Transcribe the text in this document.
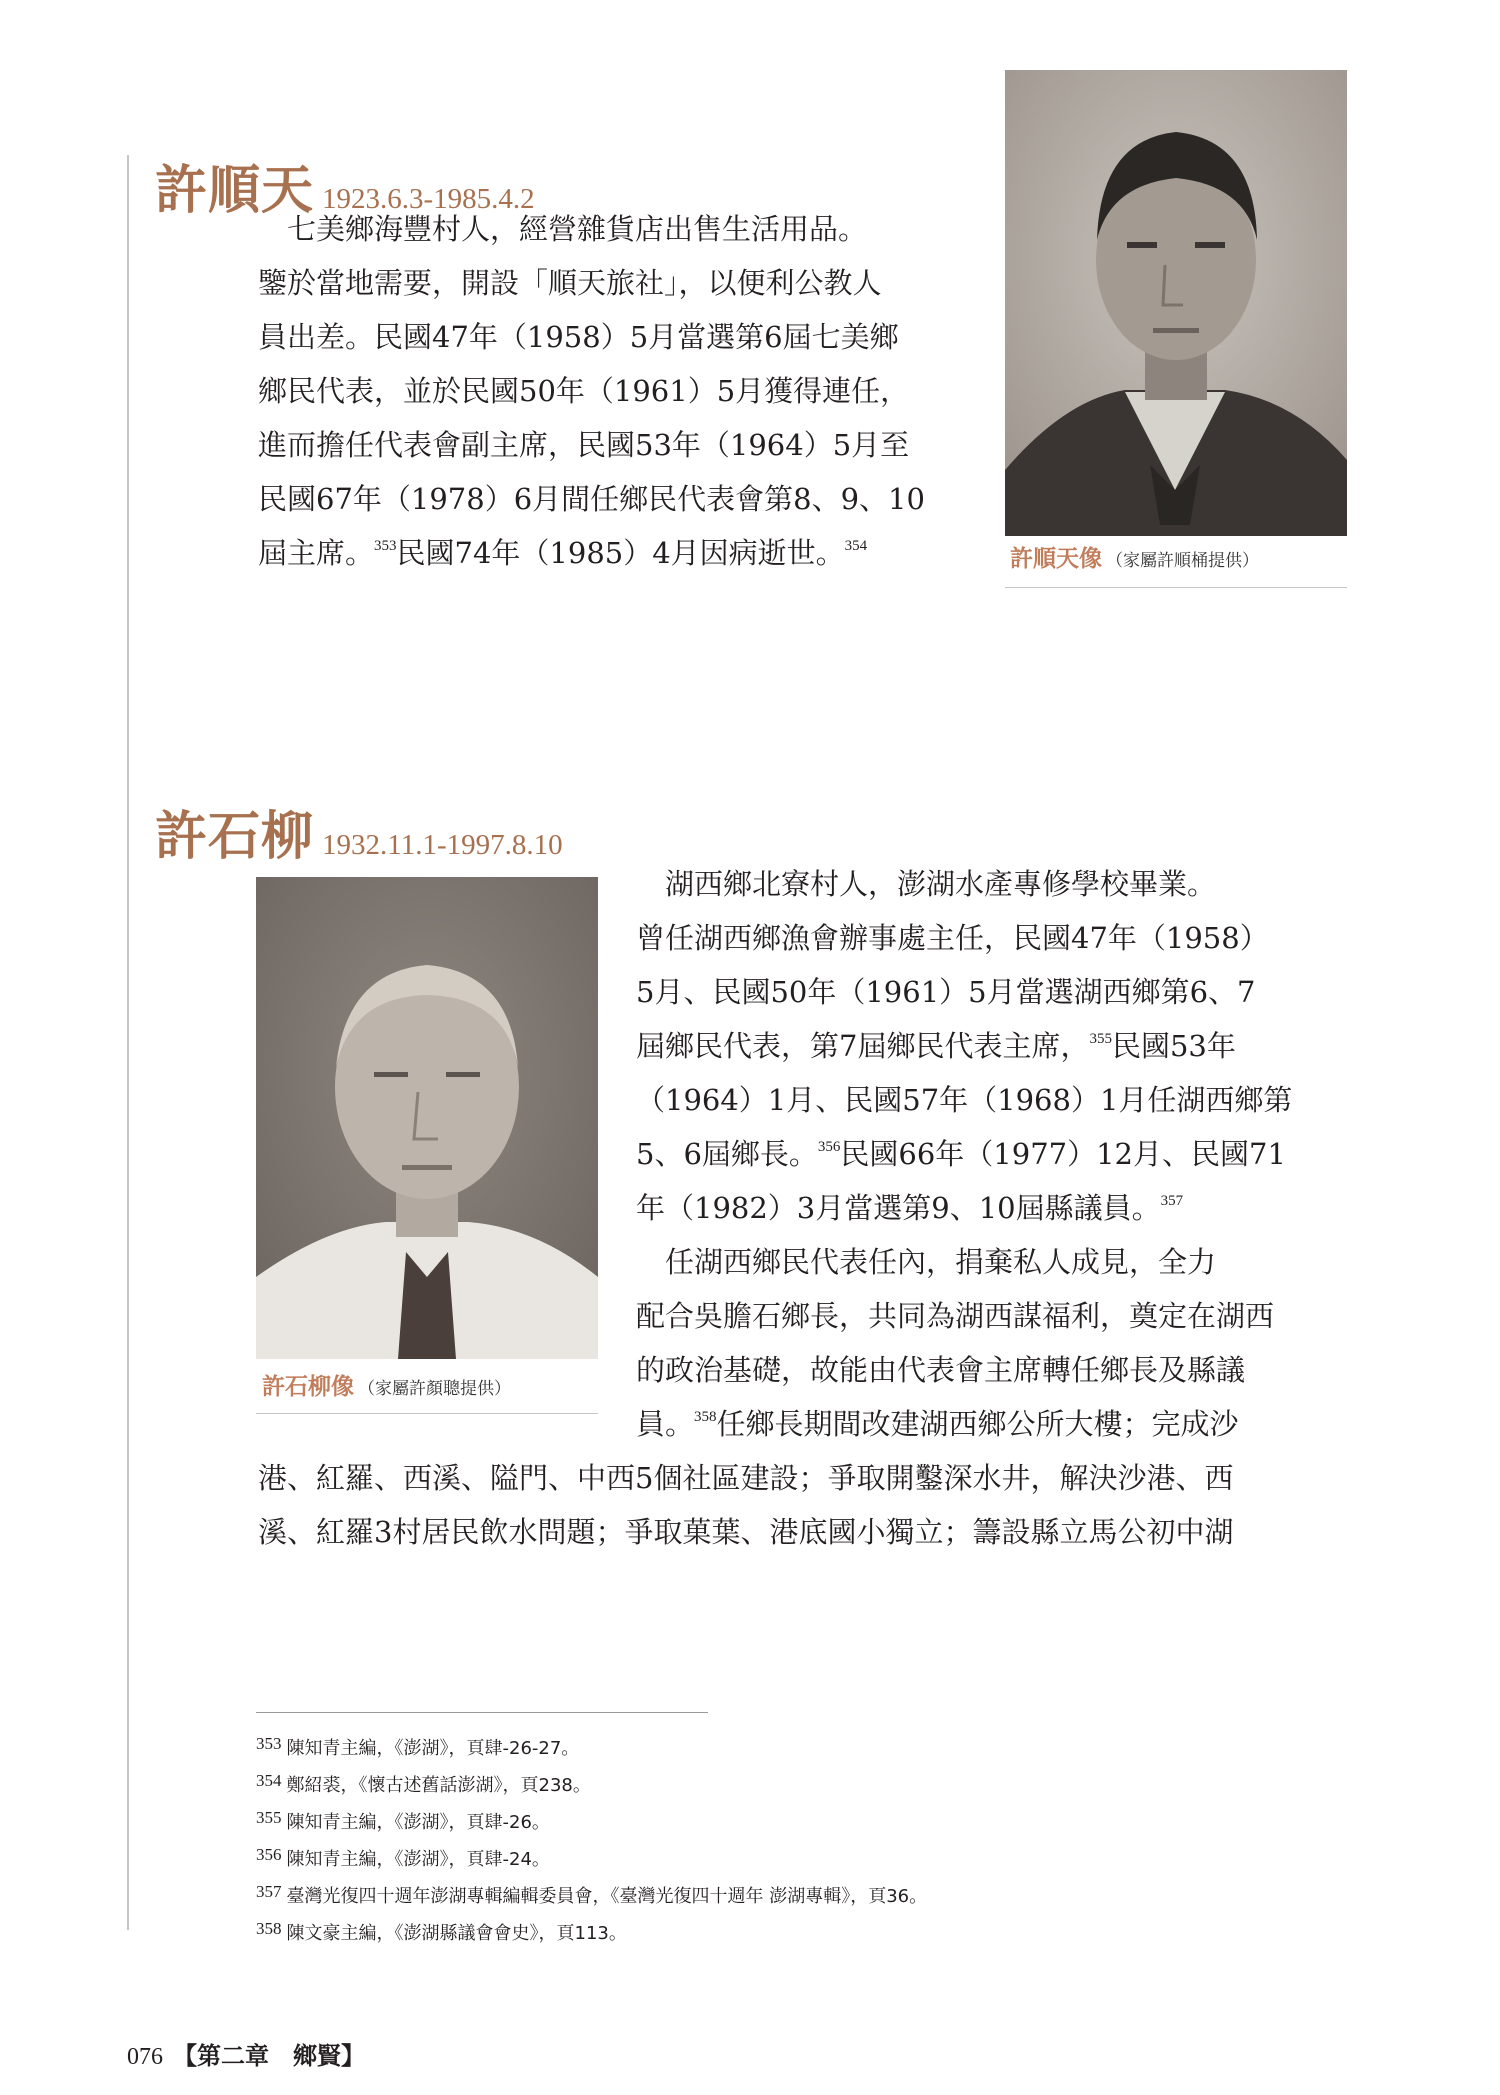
許順天 1923.6.3-1985.4.2
　七美鄉海豐村人，經營雜貨店出售生活用品。
鑒於當地需要，開設「順天旅社」，以便利公教人
員出差。民國47年（1958）5月當選第6屆七美鄉
鄉民代表，並於民國50年（1961）5月獲得連任，
進而擔任代表會副主席，民國53年（1964）5月至
民國67年（1978）6月間任鄉民代表會第8、9、10
屆主席。$^{353}$民國74年（1985）4月因病逝世。$^{354}$	許順天像 （家屬許順桶提供）
許石柳 1932.11.1-1997.8.10
許石柳像 （家屬許顏聰提供）
　湖西鄉北寮村人，澎湖水產專修學校畢業。
曾任湖西鄉漁會辦事處主任，民國47年（1958）
5月、民國50年（1961）5月當選湖西鄉第6、7
屆鄉民代表，第7屆鄉民代表主席，$^{355}$民國53年
（1964）1月、民國57年（1968）1月任湖西鄉第
5、6屆鄉長。$^{356}$民國66年（1977）12月、民國71
年（1982）3月當選第9、10屆縣議員。$^{357}$
　任湖西鄉民代表任內，捐棄私人成見，全力
配合吳膽石鄉長，共同為湖西謀福利，奠定在湖西
的政治基礎，故能由代表會主席轉任鄉長及縣議
員。$^{358}$任鄉長期間改建湖西鄉公所大樓；完成沙
港、紅羅、西溪、隘門、中西5個社區建設；爭取開鑿深水井，解決沙港、西
溪、紅羅3村居民飲水問題；爭取菓葉、港底國小獨立；籌設縣立馬公初中湖
353 陳知青主編，《澎湖》，頁肆-26-27。
354 鄭紹裘，《懷古述舊話澎湖》，頁238。
355 陳知青主編，《澎湖》，頁肆-26。
356 陳知青主編，《澎湖》，頁肆-24。
357 臺灣光復四十週年澎湖專輯編輯委員會，《臺灣光復四十週年 澎湖專輯》，頁36。
358 陳文豪主編，《澎湖縣議會會史》，頁113。
076 【第二章　鄉賢】
